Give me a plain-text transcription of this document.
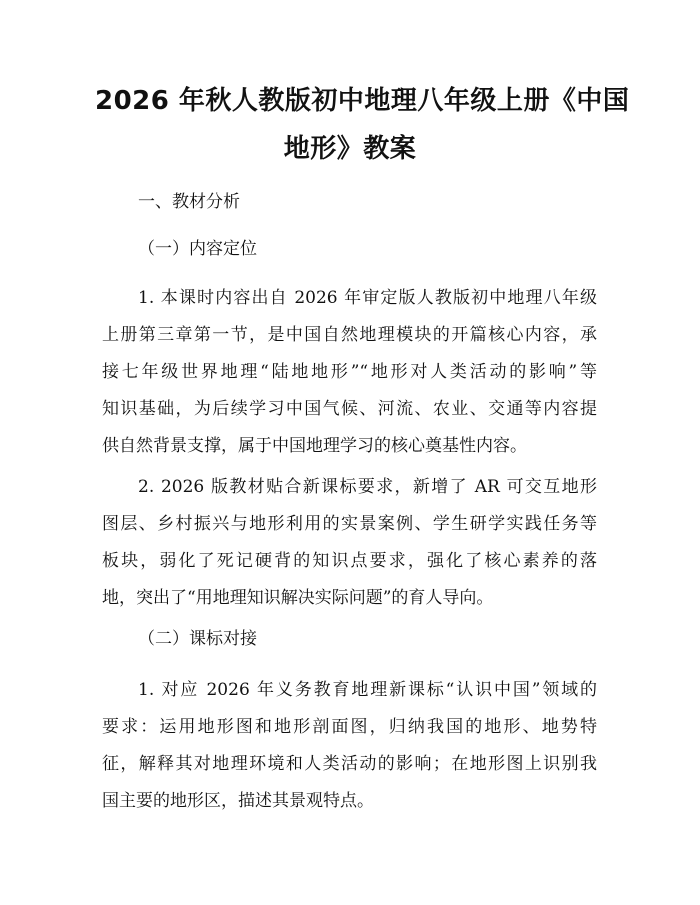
2026 年秋人教版初中地理八年级上册《中国
地形》教案
一、教材分析
（一）内容定位
1. 本课时内容出自 2026 年审定版人教版初中地理八年级
上册第三章第一节，是中国自然地理模块的开篇核心内容，承
接七年级世界地理“陆地地形”“地形对人类活动的影响”等
知识基础，为后续学习中国气候、河流、农业、交通等内容提
供自然背景支撑，属于中国地理学习的核心奠基性内容。
2. 2026 版教材贴合新课标要求，新增了 AR 可交互地形
图层、乡村振兴与地形利用的实景案例、学生研学实践任务等
板块，弱化了死记硬背的知识点要求，强化了核心素养的落
地，突出了“用地理知识解决实际问题”的育人导向。
（二）课标对接
1. 对应 2026 年义务教育地理新课标“认识中国”领域的
要求：运用地形图和地形剖面图，归纳我国的地形、地势特
征，解释其对地理环境和人类活动的影响；在地形图上识别我
国主要的地形区，描述其景观特点。
